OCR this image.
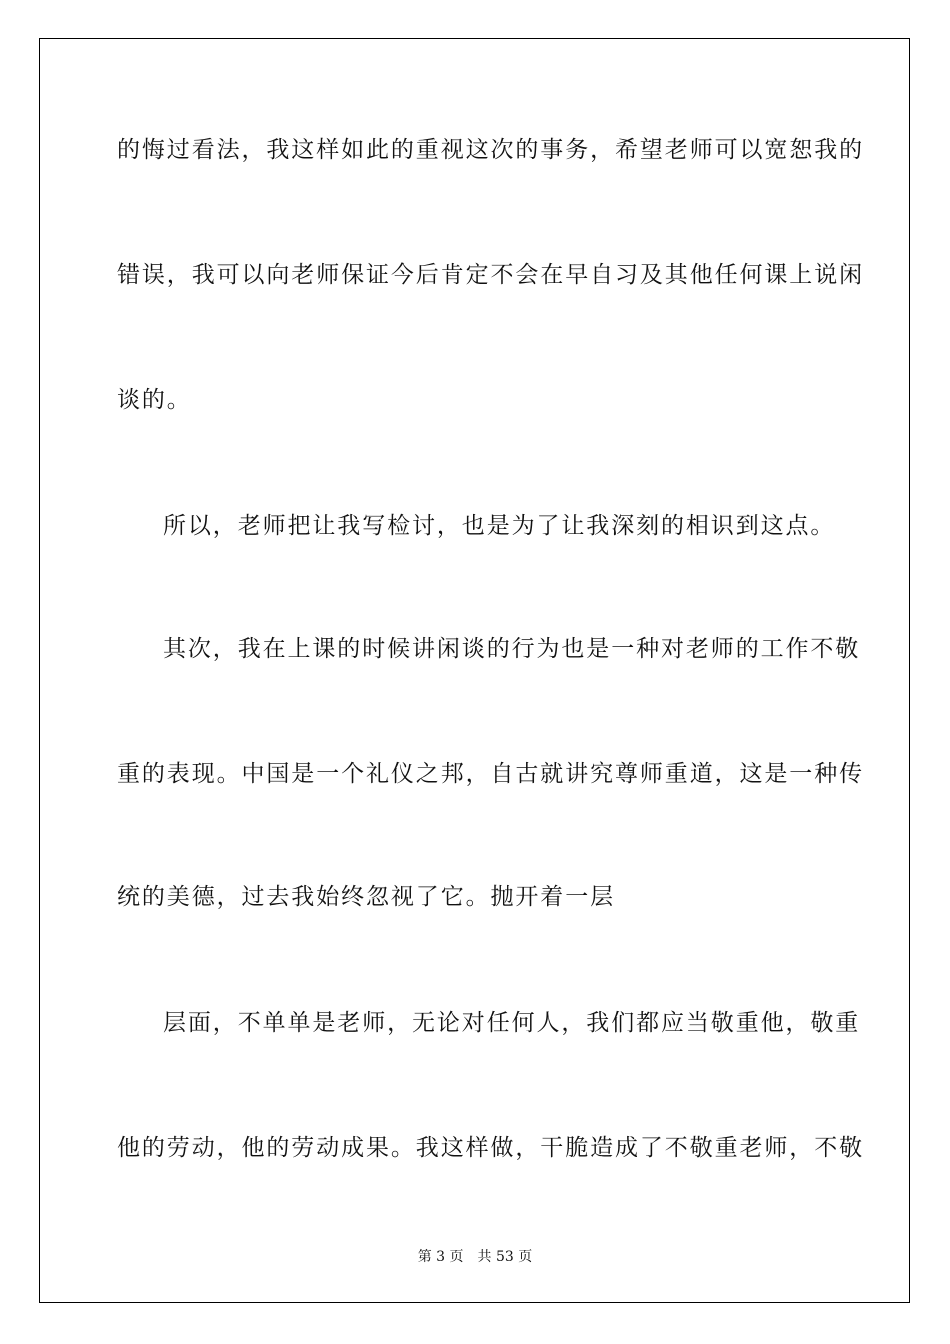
的悔过看法，我这样如此的重视这次的事务，希望老师可以宽恕我的
错误，我可以向老师保证今后肯定不会在早自习及其他任何课上说闲
谈的。
所以，老师把让我写检讨，也是为了让我深刻的相识到这点。
其次，我在上课的时候讲闲谈的行为也是一种对老师的工作不敬
重的表现。中国是一个礼仪之邦，自古就讲究尊师重道，这是一种传
统的美德，过去我始终忽视了它。抛开着一层
层面，不单单是老师，无论对任何人，我们都应当敬重他，敬重
他的劳动，他的劳动成果。我这样做，干脆造成了不敬重老师，不敬
第 3 页 共 53 页
